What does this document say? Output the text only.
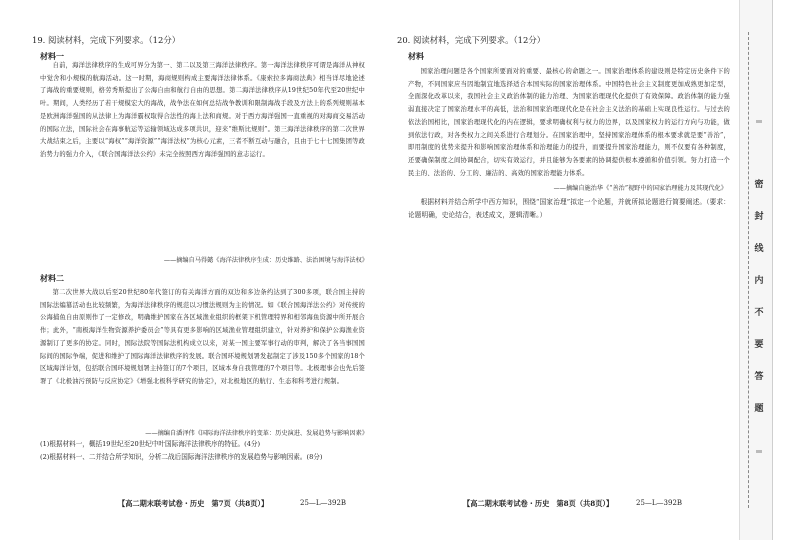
19. 阅读材料，完成下列要求。（12分）
材料一

自前，海洋法律秩序的生成可界分为第一、第二以及第三海洋法律秩序。第一海洋法律秩序可谓是海洋从神权中觉舍和小规模的航海活动。这一时期，海商规则构成主要海洋法律体系。《康索拉多海商法典》相当详尽地论述了海战的重要规则，格劳秀斯提出了公海自由和航行自由的思想。第二海洋法律秩序从19世纪50年代至20世纪中叶。期间，人类经历了若干规模宏大的海战，战争法在如何总结战争教训和限制海战手段及方法上的系列规则基本是欧洲海洋强国的从法律上为海洋霸权取得合法性的海上法和商规。对于西方海洋强国一直重视的对海商交易活动的国际立法，国际社会在海事航运等运输领域达成多项共识，迎来“维斯比规则”。第三海洋法律秩序的第二次世界大战结束之后，主要以“海权”“海洋资源”“海洋法权”为核心元素，三者不断互动与融合，且由于七十七国集团等政治势力的强力介入，《联合国海洋法公约》未完全按照西方海洋强国的意志运行。

——摘编自马得懿《海洋法律秩序生成：历史维路、法治困境与海洋法权》
材料二

第二次世界大战以后至20世纪80年代签订的有关海洋方面的双边和多边条约达到了300多项，联合国主持的国际法编纂活动也比较频繁，为海洋法律秩序的规范以习惯法规则为主的情况。如《联合国海洋法公约》对传统的公海捕鱼自由原则作了一定修改，明确维护国家在各区域渔业组织的框架下机管理特界和相邻海鱼资源中所开展合作；此外，“南极海洋生物资源养护委员会”等具有更多影响的区域渔业管理组织建立，针对养护和保护公海渔业资源制订了更多的协定。同时，国际法院等国际法机构成立以来，对某一国主要军事行动的审判，解决了各当事国国际间的国际争端，促进和维护了国际海洋法律秩序的发展。联合国环境规划署发起制定了涉及150多个国家的18个区域海洋计划，包括联合国环境规划署主持签订的7个项目，区域本身自我管理的7个项目等。北极理事会也先后签署了《北极油污预防与反应协定》《增强北极科学研究的协定》，对北极地区的航行、生态和科考进行规制。

——摘编自潘泽伟《国际海洋法律秩序的变革：历史演进、发展趋势与影响因素》

(1)根据材料一，概括19世纪至20世纪中叶国际海洋法律秩序的特征。(4分)

(2)根据材料一、二并结合所学知识，分析二战后国际海洋法律秩序的发展趋势与影响因素。(8分)

【高二期末联考试卷・历史　第7页（共8页）】	25—L—392B
20. 阅读材料，完成下列要求。（12分）
材料

国家治理问题是各个国家所要面对的重要、最核心的命题之一。国家治理体系的建设则是特定历史条件下的产物，不同国家应当因地制宜地选择适合本国实际的国家治理体系。中国特色社会主义制度更加成熟更加定型，全面深化改革以来，我国社会主义政治体制的能力治理、为国家治理现代化提供了有效保障。政治体制的能力强弱直接决定了国家治理水平的高低，法治和国家治理现代化是在社会主义法治的基础上实现良性运行。与过去的依法治国相比，国家治理现代化的内在逻辑，要求明确权利与权力的边界，以及国家权力的运行方向与功能，做到依法行政，对各类权力之间关系进行合理划分。在国家治理中，坚持国家治理体系的根本要求就是要“善治”，即用制度的优势来提升和影响国家治理体系和治理能力的提升，而要提升国家治理能力，则不仅要有各种制度，还要确保制度之间协调配合，切实有效运行，并且能够为各要素的协调提供根本遵循和价值引领。努力打造一个民主的、法治的、分工的、廉洁的、高效的国家治理能力体系。

——摘编自施治华《“善治”视野中的国家治理能力及其现代化》

根据材料并结合所学中西方知识，围绕“国家治理”拟定一个论题，并就所拟论题进行简要阐述。（要求：论题明确，史论结合，表述成文，逻辑清晰。）

【高二期末联考试卷・历史　第8页（共8页）】	25—L—392B
密
封
线
内
不
要
答
题
